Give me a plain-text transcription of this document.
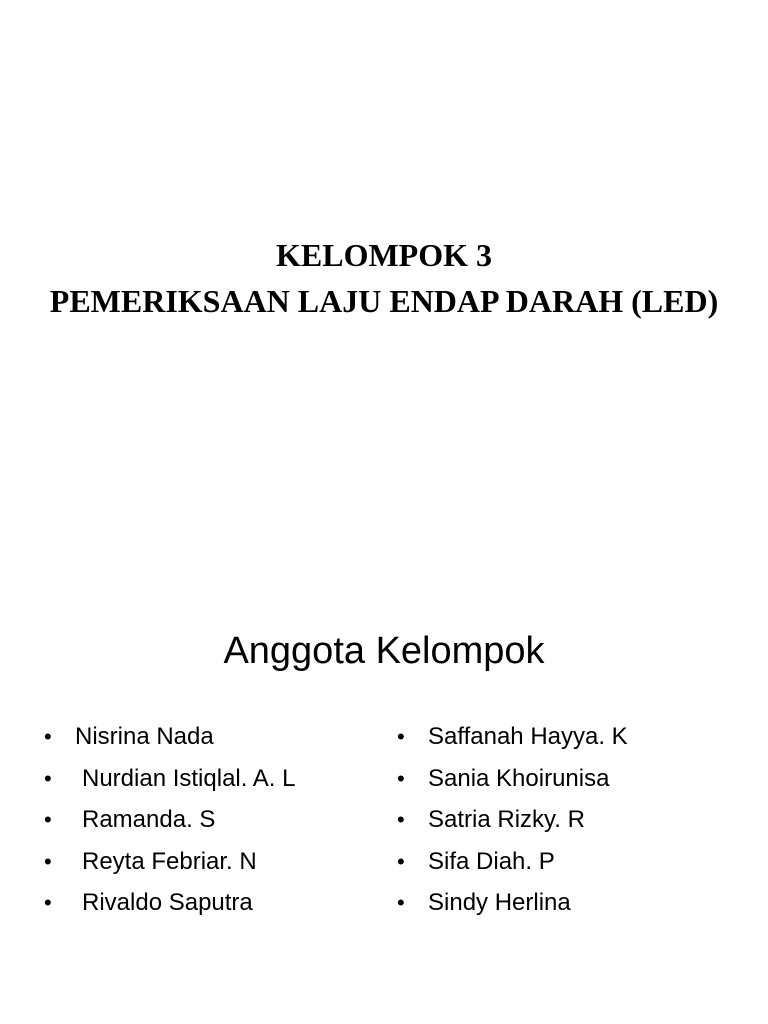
KELOMPOK 3
PEMERIKSAAN LAJU ENDAP DARAH (LED)
Anggota Kelompok
• Nisrina Nada
•	Nurdian Istiqlal. A. L
•	Ramanda. S
•	Reyta Febriar. N
•	Rivaldo Saputra
• Saffanah Hayya. K
• Sania Khoirunisa
• Satria Rizky. R
• Sifa Diah. P
• Sindy Herlina
